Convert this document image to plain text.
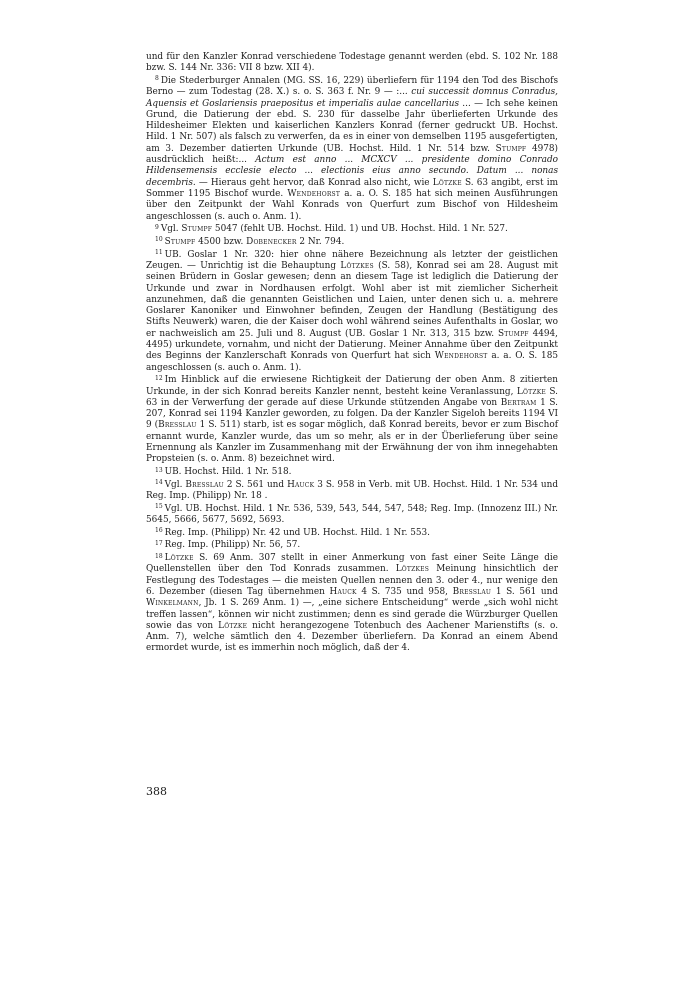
und für den Kanzler Konrad verschiedene Todestage genannt werden (ebd. S. 102 Nr. 188 bzw. S. 144 Nr. 336: VII 8 bzw. XII 4).

$^8$ Die Stederburger Annalen (MG. SS. 16, 229) überliefern für 1194 den Tod des Bischofs Berno — zum Todestag (28. X.) s. o. S. 363 f. Nr. 9 — :... cui successit domnus Conradus, Aquensis et Goslariensis praepositus et imperialis aulae cancellarius ... — Ich sehe keinen Grund, die Datierung der ebd. S. 230 für dasselbe Jahr überlieferten Urkunde des Hildesheimer Elekten und kaiserlichen Kanzlers Konrad (ferner gedruckt UB. Hochst. Hild. 1 Nr. 507) als falsch zu verwerfen, da es in einer von demselben 1195 ausgefertigten, am 3. Dezember datierten Urkunde (UB. Hochst. Hild. 1 Nr. 514 bzw. Stumpf 4978) ausdrücklich heißt:... Actum est anno ... MCXCV ... presidente domino Conrado Hildensemensis ecclesie electo ... electionis eius anno secundo. Datum ... nonas decembris. — Hieraus geht hervor, daß Konrad also nicht, wie Lötzke S. 63 angibt, erst im Sommer 1195 Bischof wurde. Wendehorst a. a. O. S. 185 hat sich meinen Ausführungen über den Zeitpunkt der Wahl Konrads von Querfurt zum Bischof von Hildesheim angeschlossen (s. auch o. Anm. 1).

$^9$ Vgl. Stumpf 5047 (fehlt UB. Hochst. Hild. 1) und UB. Hochst. Hild. 1 Nr. 527.

$^{10}$ Stumpf 4500 bzw. Dobenecker 2 Nr. 794.

$^{11}$ UB. Goslar 1 Nr. 320: hier ohne nähere Bezeichnung als letzter der geistlichen Zeugen. — Unrichtig ist die Behauptung Lötzkes (S. 58), Konrad sei am 28. August mit seinen Brüdern in Goslar gewesen; denn an diesem Tage ist lediglich die Datierung der Urkunde und zwar in Nordhausen erfolgt. Wohl aber ist mit ziemlicher Sicherheit anzunehmen, daß die genannten Geistlichen und Laien, unter denen sich u. a. mehrere Goslarer Kanoniker und Einwohner befinden, Zeugen der Handlung (Bestätigung des Stifts Neuwerk) waren, die der Kaiser doch wohl während seines Aufenthalts in Goslar, wo er nachweislich am 25. Juli und 8. August (UB. Goslar 1 Nr. 313, 315 bzw. Stumpf 4494, 4495) urkundete, vornahm, und nicht der Datierung. Meiner Annahme über den Zeitpunkt des Beginns der Kanzlerschaft Konrads von Querfurt hat sich Wendehorst a. a. O. S. 185 angeschlossen (s. auch o. Anm. 1).

$^{12}$ Im Hinblick auf die erwiesene Richtigkeit der Datierung der oben Anm. 8 zitierten Urkunde, in der sich Konrad bereits Kanzler nennt, besteht keine Veranlassung, Lötzke S. 63 in der Verwerfung der gerade auf diese Urkunde stützenden Angabe von Bertram 1 S. 207, Konrad sei 1194 Kanzler geworden, zu folgen. Da der Kanzler Sigeloh bereits 1194 VI 9 (Bresslau 1 S. 511) starb, ist es sogar möglich, daß Konrad bereits, bevor er zum Bischof ernannt wurde, Kanzler wurde, das um so mehr, als er in der Überlieferung über seine Ernennung als Kanzler im Zusammenhang mit der Erwähnung der von ihm innegehabten Propsteien (s. o. Anm. 8) bezeichnet wird.

$^{13}$ UB. Hochst. Hild. 1 Nr. 518.

$^{14}$ Vgl. Bresslau 2 S. 561 und Hauck 3 S. 958 in Verb. mit UB. Hochst. Hild. 1 Nr. 534 und Reg. Imp. (Philipp) Nr. 18 .

$^{15}$ Vgl. UB. Hochst. Hild. 1 Nr. 536, 539, 543, 544, 547, 548; Reg. Imp. (Innozenz III.) Nr. 5645, 5666, 5677, 5692, 5693.

$^{16}$ Reg. Imp. (Philipp) Nr. 42 und UB. Hochst. Hild. 1 Nr. 553.

$^{17}$ Reg. Imp. (Philipp) Nr. 56, 57.

$^{18}$ Lötzke S. 69 Anm. 307 stellt in einer Anmerkung von fast einer Seite Länge die Quellenstellen über den Tod Konrads zusammen. Lötzkes Meinung hinsichtlich der Festlegung des Todestages — die meisten Quellen nennen den 3. oder 4., nur wenige den 6. Dezember (diesen Tag übernehmen Hauck 4 S. 735 und 958, Bresslau 1 S. 561 und Winkelmann, Jb. 1 S. 269 Anm. 1) —, „eine sichere Entscheidung“ werde „sich wohl nicht treffen lassen“, können wir nicht zustimmen; denn es sind gerade die Würzburger Quellen sowie das von Lötzke nicht herangezogene Totenbuch des Aachener Marienstifts (s. o. Anm. 7), welche sämtlich den 4. Dezember überliefern. Da Konrad an einem Abend ermordet wurde, ist es immerhin noch möglich, daß der 4.

388
